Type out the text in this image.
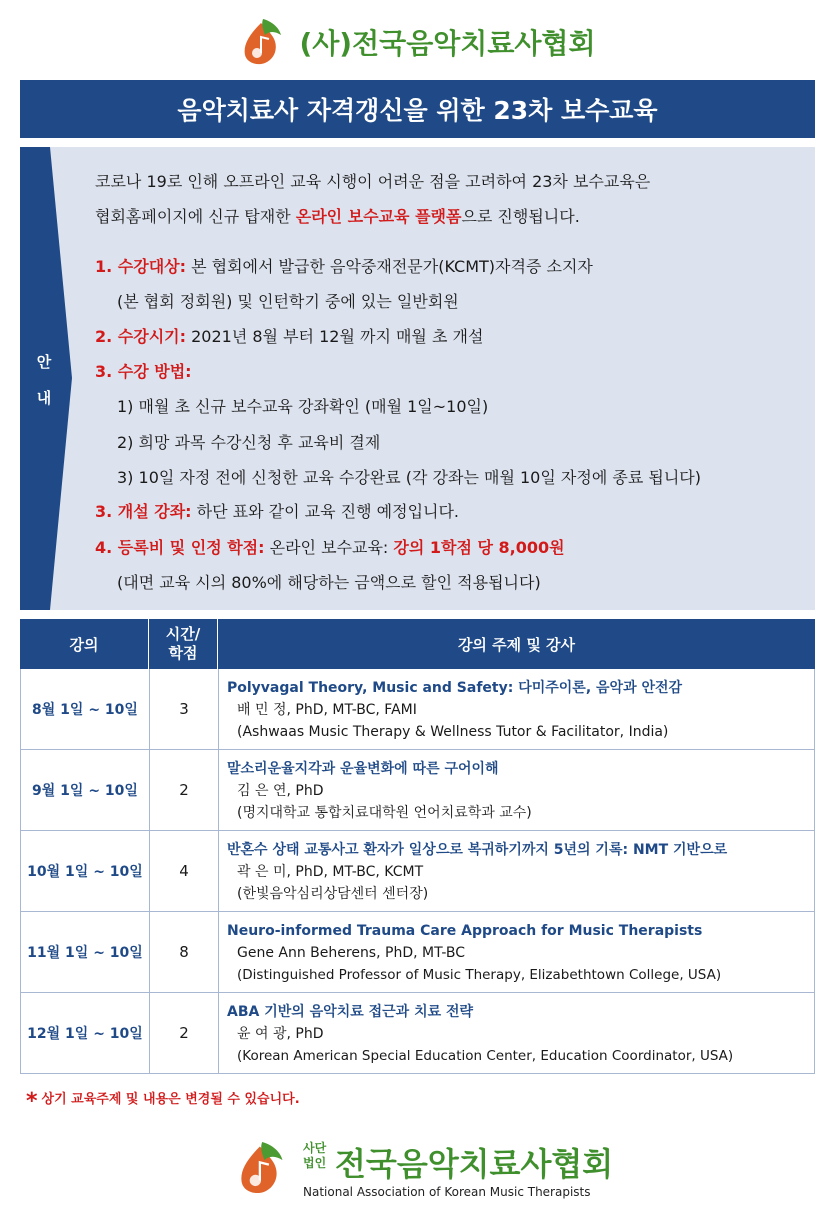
(사)전국음악치료사협회
음악치료사 자격갱신을 위한 23차 보수교육
안
내
코로나 19로 인해 오프라인 교육 시행이 어려운 점을 고려하여 23차 보수교육은
협회홈페이지에 신규 탑재한 온라인 보수교육 플랫폼으로 진행됩니다.
1. 수강대상: 본 협회에서 발급한 음악중재전문가(KCMT)자격증 소지자
(본 협회 정회원) 및 인턴학기 중에 있는 일반회원
2. 수강시기: 2021년 8월 부터 12월 까지 매월 초 개설
3. 수강 방법:
1) 매월 초 신규 보수교육 강좌확인 (매월 1일~10일)
2) 희망 과목 수강신청 후 교육비 결제
3) 10일 자정 전에 신청한 교육 수강완료 (각 강좌는 매월 10일 자정에 종료 됩니다)
3. 개설 강좌: 하단 표와 같이 교육 진행 예정입니다.
4. 등록비 및 인정 학점: 온라인 보수교육: 강의 1학점 당 8,000원
(대면 교육 시의 80%에 해당하는 금액으로 할인 적용됩니다)
강의
시간/
학점	강의 주제 및 강사
8월 1일 ~ 10일	3
Polyvagal Theory, Music and Safety: 다미주이론, 음악과 안전감
배 민 정, PhD, MT-BC, FAMI
(Ashwaas Music Therapy & Wellness Tutor & Facilitator, India)
9월 1일 ~ 10일	2
말소리운율지각과 운율변화에 따른 구어이해
김 은 연, PhD
(명지대학교 통합치료대학원 언어치료학과 교수)
10월 1일 ~ 10일	4
반혼수 상태 교통사고 환자가 일상으로 복귀하기까지 5년의 기록: NMT 기반으로
곽 은 미, PhD, MT-BC, KCMT
(한빛음악심리상담센터 센터장)
11월 1일 ~ 10일	8
Neuro-informed Trauma Care Approach for Music Therapists
Gene Ann Beherens, PhD, MT-BC
(Distinguished Professor of Music Therapy, Elizabethtown College, USA)
12월 1일 ~ 10일	2
ABA 기반의 음악치료 접근과 치료 전략
윤 여 광, PhD
(Korean American Special Education Center, Education Coordinator, USA)
* 상기 교육주제 및 내용은 변경될 수 있습니다.
사단
법인 전국음악치료사협회
National Association of Korean Music Therapists
